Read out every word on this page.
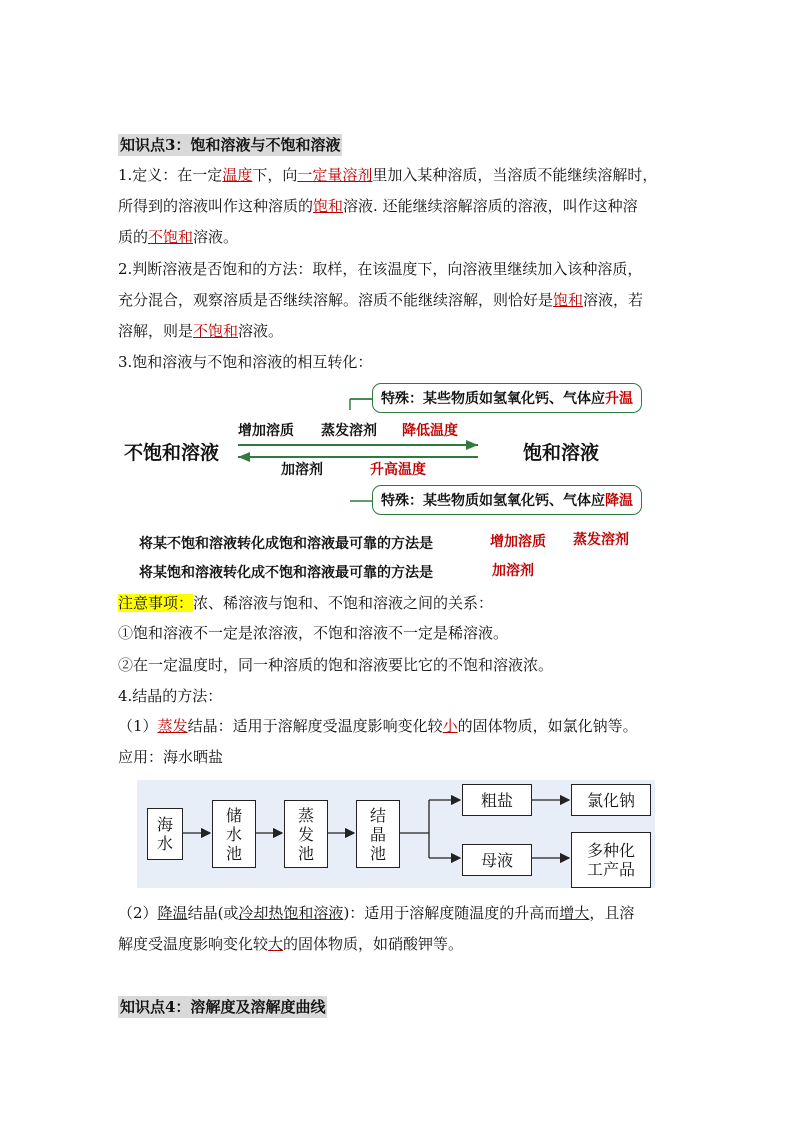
知识点3：饱和溶液与不饱和溶液
1.定义：在一定温度下，向一定量溶剂里加入某种溶质，当溶质不能继续溶解时，
所得到的溶液叫作这种溶质的饱和溶液. 还能继续溶解溶质的溶液，叫作这种溶
质的不饱和溶液。
2.判断溶液是否饱和的方法：取样，在该温度下，向溶液里继续加入该种溶质，
充分混合，观察溶质是否继续溶解。溶质不能继续溶解，则恰好是饱和溶液，若
溶解，则是不饱和溶液。
3.饱和溶液与不饱和溶液的相互转化：
特殊：某些物质如氢氧化钙、气体应升温
不饱和溶液	饱和溶液
增加溶质 蒸发溶剂 降低温度
加溶剂	升高温度
特殊：某些物质如氢氧化钙、气体应降温
将某不饱和溶液转化成饱和溶液最可靠的方法是	增加溶质 蒸发溶剂
将某饱和溶液转化成不饱和溶液最可靠的方法是	加溶剂
注意事项：浓、稀溶液与饱和、不饱和溶液之间的关系：
①饱和溶液不一定是浓溶液，不饱和溶液不一定是稀溶液。
②在一定温度时，同一种溶质的饱和溶液要比它的不饱和溶液浓。
4.结晶的方法：
（1）蒸发结晶：适用于溶解度受温度影响变化较小的固体物质，如氯化钠等。
应用：海水晒盐
海
水
储
水
池
蒸
发
池
结
晶
池
粗盐	氯化钠
母液	多种化
工产品
（2）降温结晶(或冷却热饱和溶液)：适用于溶解度随温度的升高而增大，且溶
解度受温度影响变化较大的固体物质，如硝酸钾等。
知识点4：溶解度及溶解度曲线
